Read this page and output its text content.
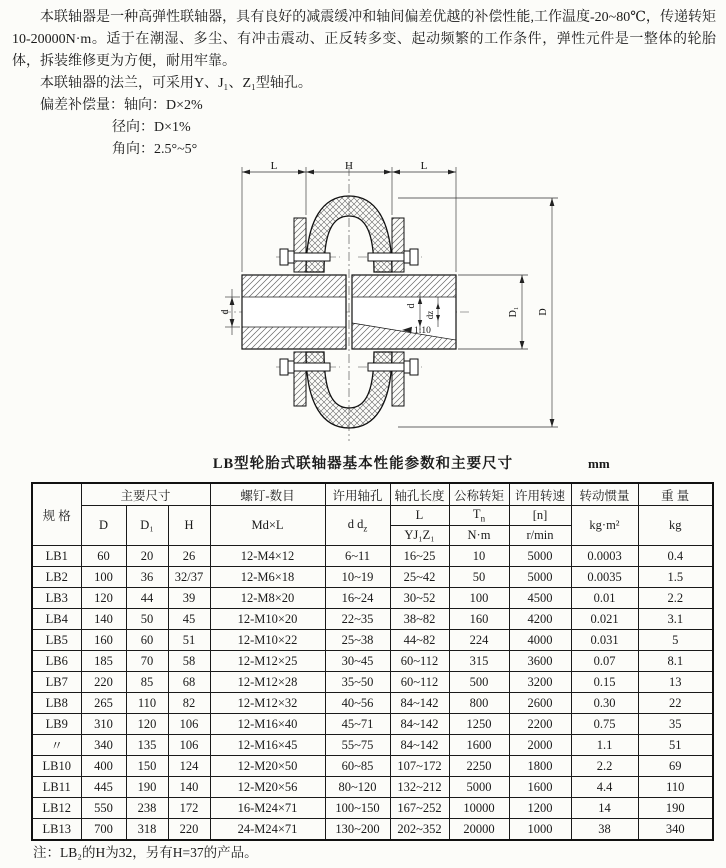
本联轴器是一种高弹性联轴器，具有良好的减震缓冲和轴间偏差优越的补偿性能,工作温度-20~80℃，传递转矩10-20000N·m。适于在潮湿、多尘、有冲击震动、正反转多变、起动频繁的工作条件，弹性元件是一整体的轮胎体，拆装维修更为方便，耐用牢靠。

本联轴器的法兰，可采用Y、J₁、Z₁型轴孔。

偏差补偿量：轴向：D×2%

径向：D×1%

角向：2.5°~5°

L	H	L
d
d
dz	D₁ D
1:10
LB型轮胎式联轴器基本性能参数和主要尺寸	mm
规 格	主要尺寸			螺钉-数目	许用轴孔	轴孔长度	公称转矩	许用转速	转动惯量	重 量
	D	D₁	H	Md×L	d $d_z$	L	$T_n$	[n]	kg·m²	kg
						YJ₁Z₁	N·m	r/min		
LB1	60	20	26	12-M4×12	6~11	16~25	10	5000	0.0003	0.4
LB2	100	36	32/37	12-M6×18	10~19	25~42	50	5000	0.0035	1.5
LB3	120	44	39	12-M8×20	16~24	30~52	100	4500	0.01	2.2
LB4	140	50	45	12-M10×20	22~35	38~82	160	4200	0.021	3.1
LB5	160	60	51	12-M10×22	25~38	44~82	224	4000	0.031	5
LB6	185	70	58	12-M12×25	30~45	60~112	315	3600	0.07	8.1
LB7	220	85	68	12-M12×28	35~50	60~112	500	3200	0.15	13
LB8	265	110	82	12-M12×32	40~56	84~142	800	2600	0.30	22
LB9	310	120	106	12-M16×40	45~71	84~142	1250	2200	0.75	35
〃	340	135	106	12-M16×45	55~75	84~142	1600	2000	1.1	51
LB10	400	150	124	12-M20×50	60~85	107~172	2250	1800	2.2	69
LB11	445	190	140	12-M20×56	80~120	132~212	5000	1600	4.4	110
LB12	550	238	172	16-M24×71	100~150	167~252	10000	1200	14	190
LB13	700	318	220	24-M24×71	130~200	202~352	20000	1000	38	340
注：LB₂的H为32，另有H=37的产品。
